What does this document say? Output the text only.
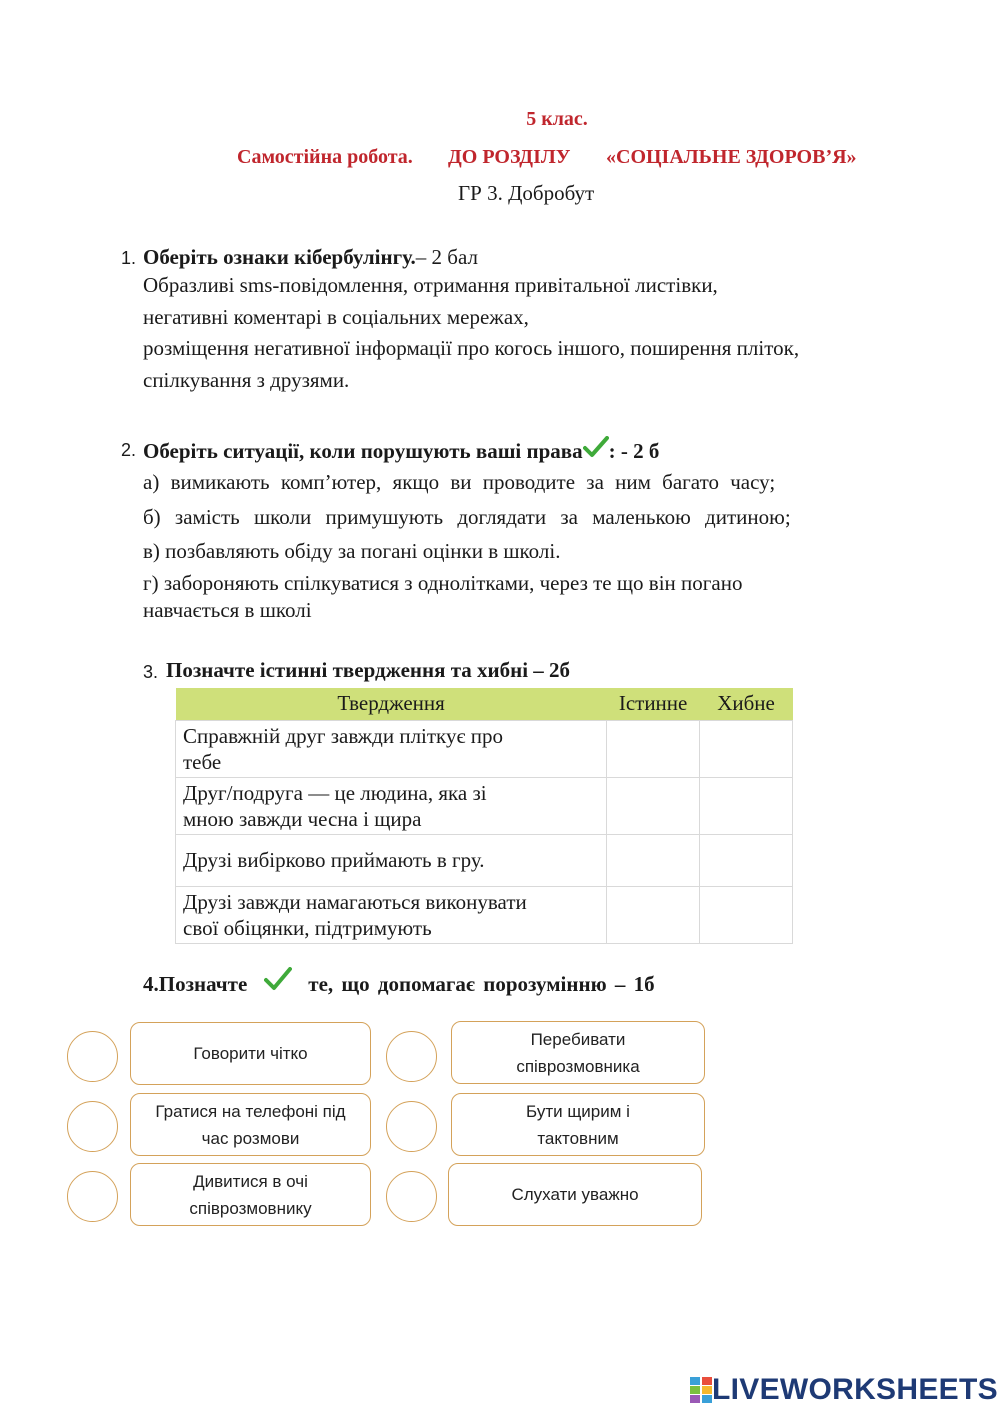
5 клас.
Самостійна робота. ДО РОЗДІЛУ «СОЦІАЛЬНЕ ЗДОРОВ’Я»
ГР 3. Добробут
1. Оберіть ознаки кібербулінгу.– 2 бал
Образливі sms-повідомлення, отримання привітальної листівки,
негативні коментарі в соціальних мережах,
розміщення негативної інформації про когось іншого, поширення пліток,
спілкування з друзями.
2. Оберіть ситуації, коли порушують ваші права : - 2 б
а) вимикають комп’ютер, якщо ви проводите за ним багато часу;
б) замість школи примушують доглядати за маленькою дитиною;
в) позбавляють обіду за погані оцінки в школі.
г) забороняють спілкуватися з однолітками, через те що він погано
навчається в школі
3. Позначте істинні твердження та хибні – 2б
Твердження	Істинне	Хибне

Справжній друг завжди пліткує про
тебе		

Друг/подруга — це людина, яка зі
мною завжди чесна і щира		

Друзі вибірково приймають в гру.		

Друзі завжди намагаються виконувати
свої обіцянки, підтримують		

4.Позначте	те, що допомагає порозумінню – 1б
Говорити чітко
Гратися на телефоні під
час розмови
Дивитися в очі
співрозмовнику
Перебивати
співрозмовника
Бути щирим і
тактовним
Слухати уважно
LIVEWORKSHEETS
